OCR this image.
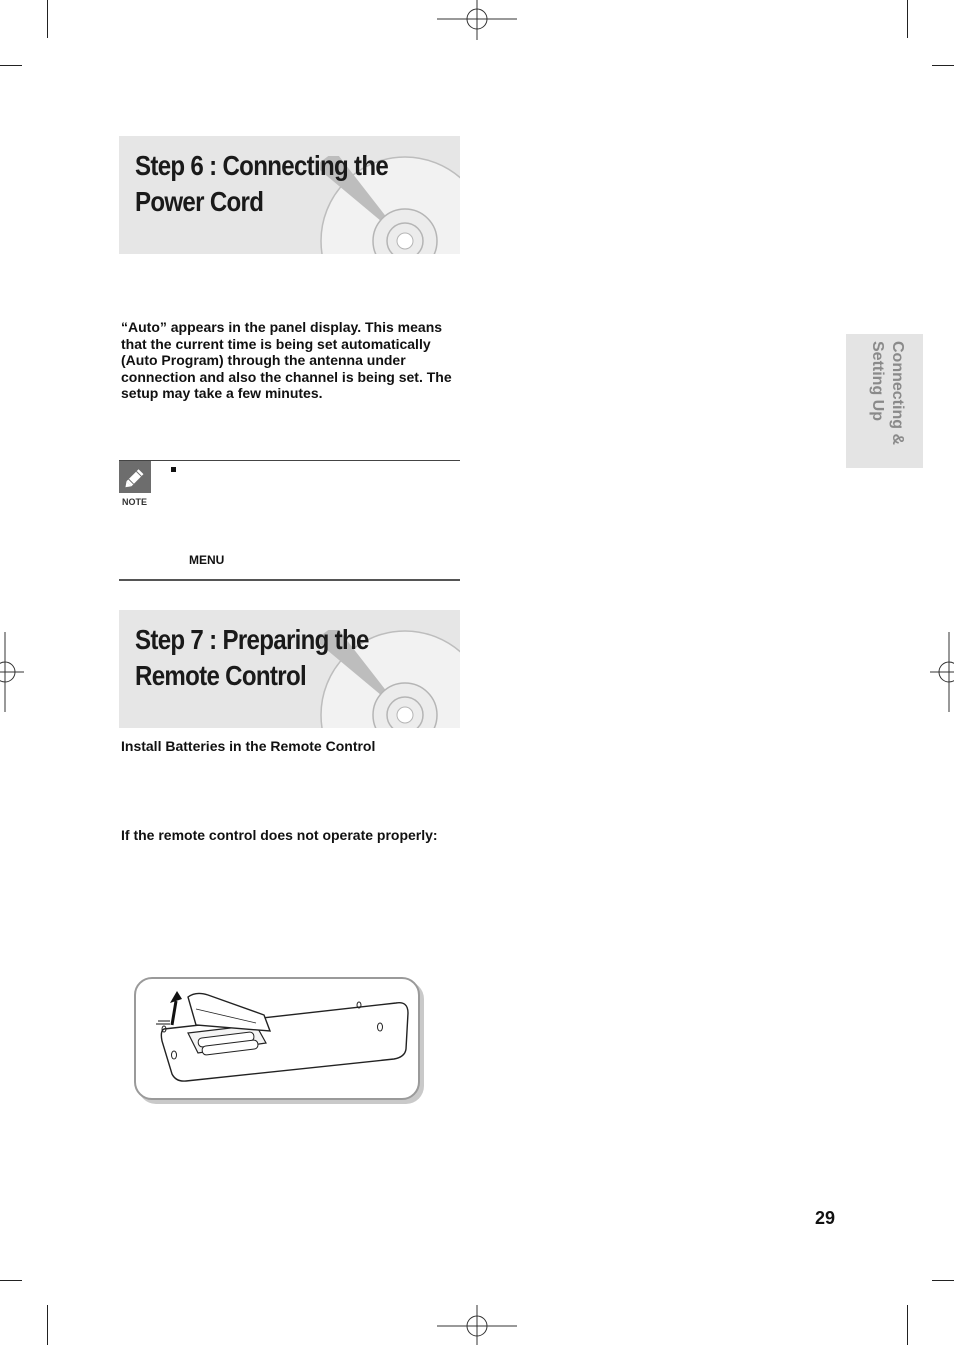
Step 6 : Connecting the
Power Cord

“Auto” appears in the panel display. This means that the current time is being set automatically (Auto Program) through the antenna under connection and also the channel is being set. The setup may take a few minutes.

NOTE
MENU
Step 7 : Preparing the
Remote Control
Install Batteries in the Remote Control
If the remote control does not operate properly:
Connecting &
Setting Up
29
